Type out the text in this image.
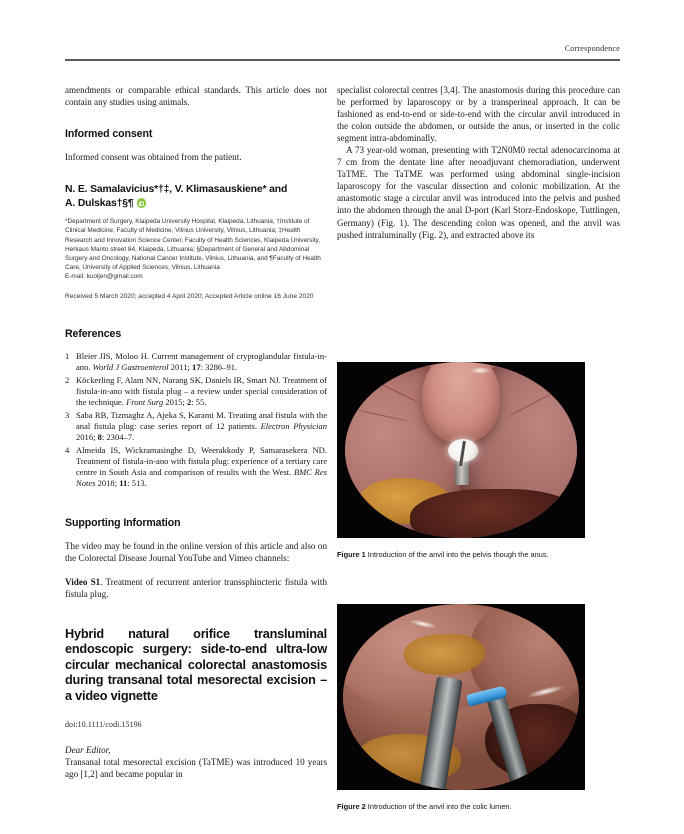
Correspondence

amendments or comparable ethical standards. This article does not contain any studies using animals.

Informed consent

Informed consent was obtained from the patient.

N. E. Samalavicius*†‡, V. Klimasauskiene* and
A. Dulskas†§¶iD
*Department of Surgery, Klaipeda University Hospital, Klaipeda, Lithuania; †Institute of Clinical Medicine, Faculty of Medicine, Vilnius University, Vilnius, Lithuania; ‡Health Research and Innovation Science Center, Faculty of Health Sciences, Klaipeda University, Herkaus Manto street 84, Klaipeda, Lithuania; §Department of General and Abdominal Surgery and Oncology, National Cancer Institute, Vilnius, Lithuania, and ¶Faculty of Health Care, University of Applied Sciences, Vilnius, Lithuania
E-mail: kuoljen@gmail.com
Received 5 March 2020; accepted 4 April 2020; Accepted Article online 16 June 2020
References
1 Bleier JIS, Moloo H. Current management of cryptoglandular fistula-in-ano. World J Gastroenterol 2011; 17: 3286–91.
2 Köckerling F, Alam NN, Narang SK, Daniels IR, Smart NJ. Treatment of fistula-in-ano with fistula plug – a review under special consideration of the technique. Front Surg 2015; 2: 55.
3 Saba RB, Tizmaghz A, Ajeka S, Karami M. Treating anal fistula with the anal fistula plug: case series report of 12 patients. Electron Physician 2016; 8: 2304–7.
4 Almeida IS, Wickramasinghe D, Weerakkody P, Samarasekera ND. Treatment of fistula-in-ano with fistula plug: experience of a tertiary care centre in South Asia and comparison of results with the West. BMC Res Notes 2018; 11: 513.
Supporting Information

The video may be found in the online version of this article and also on the Colorectal Disease Journal YouTube and Vimeo channels:

Video S1. Treatment of recurrent anterior transsphincteric fistula with fistula plug.
Hybrid natural orifice transluminal endoscopic surgery: side-to-end ultra-low circular mechanical colorectal anastomosis during transanal total mesorectal excision – a video vignette
doi:10.1111/codi.15196
Dear Editor,

Transanal total mesorectal excision (TaTME) was introduced 10 years ago [1,2] and became popular in

specialist colorectal centres [3,4]. The anastomosis during this procedure can be performed by laparoscopy or by a transperineal approach. It can be fashioned as end-to-end or side-to-end with the circular anvil introduced in the colon outside the abdomen, or outside the anus, or inserted in the colic segment intra-abdominally.

A 73 year-old woman, presenting with T2N0M0 rectal adenocarcinoma at 7 cm from the dentate line after neoadjuvant chemoradiation, underwent TaTME. The TaTME was performed using abdominal single-incision laparoscopy for the vascular dissection and colonic mobilization. At the anastomotic stage a circular anvil was introduced into the pelvis and pushed into the abdomen through the anal D-port (Karl Storz-Endoskope, Tuttlingen, Germany) (Fig. 1). The descending colon was opened, and the anvil was pushed intraluminally (Fig. 2), and extracted above its

Figure 1 Introduction of the anvil into the pelvis though the anus.
Figure 2 Introduction of the anvil into the colic lumen.
